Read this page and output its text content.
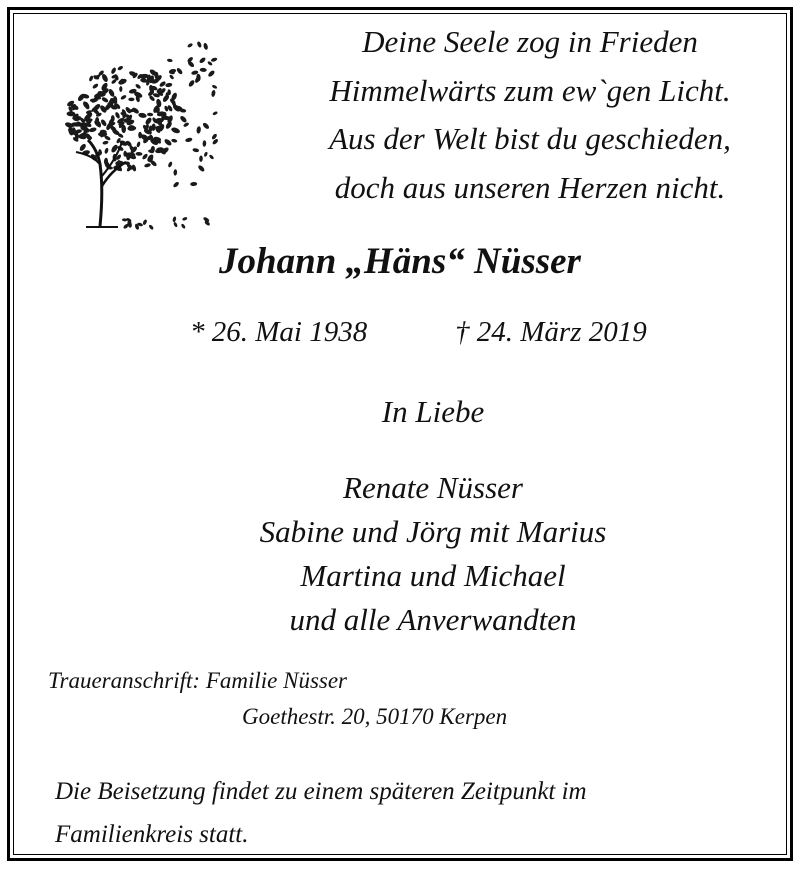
Deine Seele zog in Frieden
Himmelwärts zum ew`gen Licht.
Aus der Welt bist du geschieden,
doch aus unseren Herzen nicht.
Johann „Häns“ Nüsser
* 26. Mai 1938	† 24. März 2019
In Liebe
Renate Nüsser
Sabine und Jörg mit Marius
Martina und Michael
und alle Anverwandten
Traueranschrift: Familie Nüsser
Goethestr. 20, 50170 Kerpen
Die Beisetzung findet zu einem späteren Zeitpunkt im
Familienkreis statt.
